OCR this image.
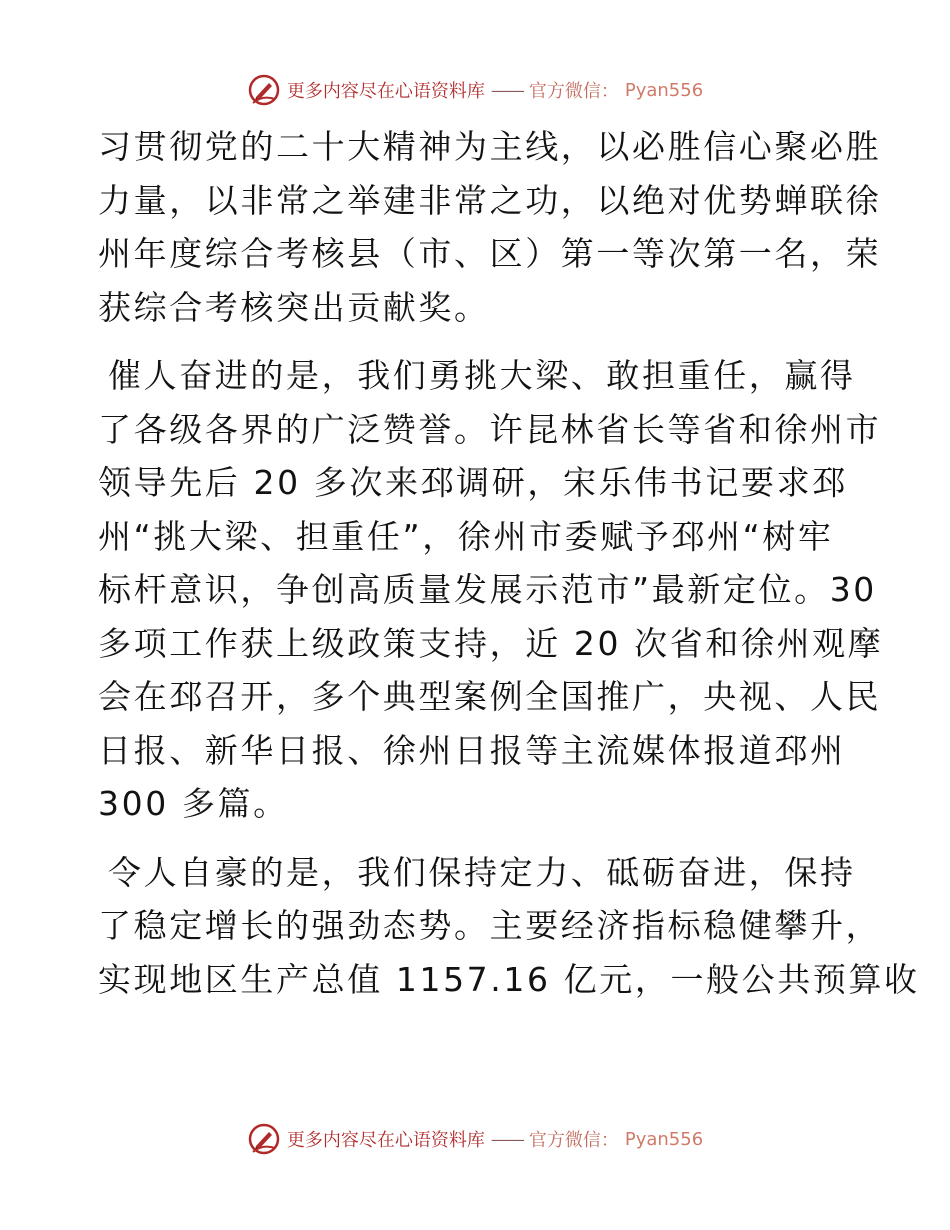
更多内容尽在心语资料库 —— 官方微信： Pyan556

习贯彻党的二十大精神为主线，以必胜信心聚必胜
力量，以非常之举建非常之功，以绝对优势蝉联徐
州年度综合考核县（市、区）第一等次第一名，荣
获综合考核突出贡献奖。

催人奋进的是，我们勇挑大梁、敢担重任，赢得
了各级各界的广泛赞誉。许昆林省长等省和徐州市
领导先后 20 多次来邳调研，宋乐伟书记要求邳
州“挑大梁、担重任”，徐州市委赋予邳州“树牢
标杆意识，争创高质量发展示范市”最新定位。30
多项工作获上级政策支持，近 20 次省和徐州观摩
会在邳召开，多个典型案例全国推广，央视、人民
日报、新华日报、徐州日报等主流媒体报道邳州
300 多篇。

令人自豪的是，我们保持定力、砥砺奋进，保持
了稳定增长的强劲态势。主要经济指标稳健攀升，
实现地区生产总值 1157.16 亿元，一般公共预算收

更多内容尽在心语资料库 —— 官方微信： Pyan556
